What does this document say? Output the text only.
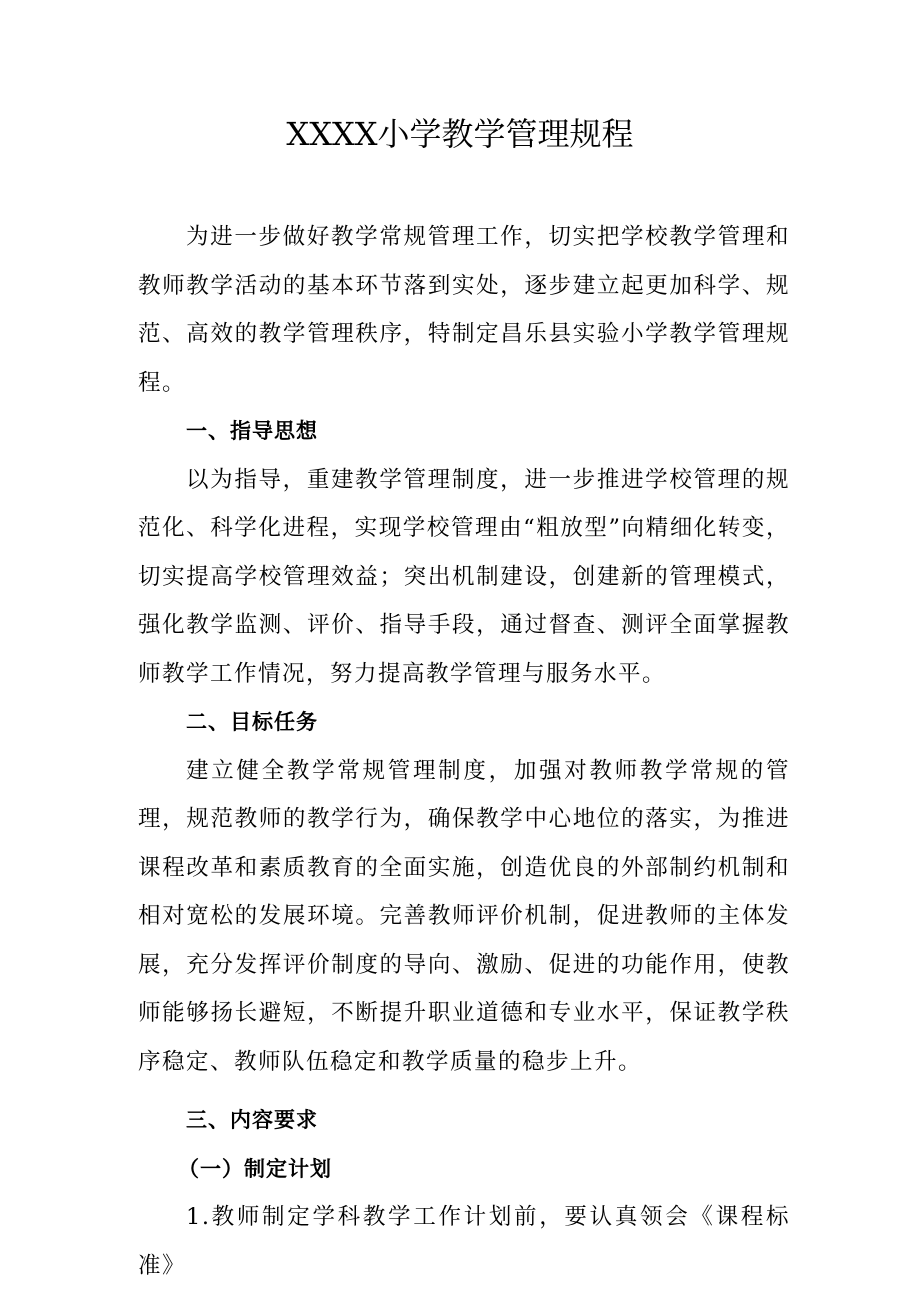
XXXX小学教学管理规程

为进一步做好教学常规管理工作，切实把学校教学管理和教师教学活动的基本环节落到实处，逐步建立起更加科学、规范、高效的教学管理秩序，特制定昌乐县实验小学教学管理规程。

一、指导思想

以为指导，重建教学管理制度，进一步推进学校管理的规范化、科学化进程，实现学校管理由“粗放型”向精细化转变，切实提高学校管理效益；突出机制建设，创建新的管理模式，强化教学监测、评价、指导手段，通过督查、测评全面掌握教师教学工作情况，努力提高教学管理与服务水平。

二、目标任务

建立健全教学常规管理制度，加强对教师教学常规的管理，规范教师的教学行为，确保教学中心地位的落实，为推进课程改革和素质教育的全面实施，创造优良的外部制约机制和相对宽松的发展环境。完善教师评价机制，促进教师的主体发展，充分发挥评价制度的导向、激励、促进的功能作用，使教师能够扬长避短，不断提升职业道德和专业水平，保证教学秩序稳定、教师队伍稳定和教学质量的稳步上升。

三、内容要求

（一）制定计划

1.教师制定学科教学工作计划前，要认真领会《课程标准》
